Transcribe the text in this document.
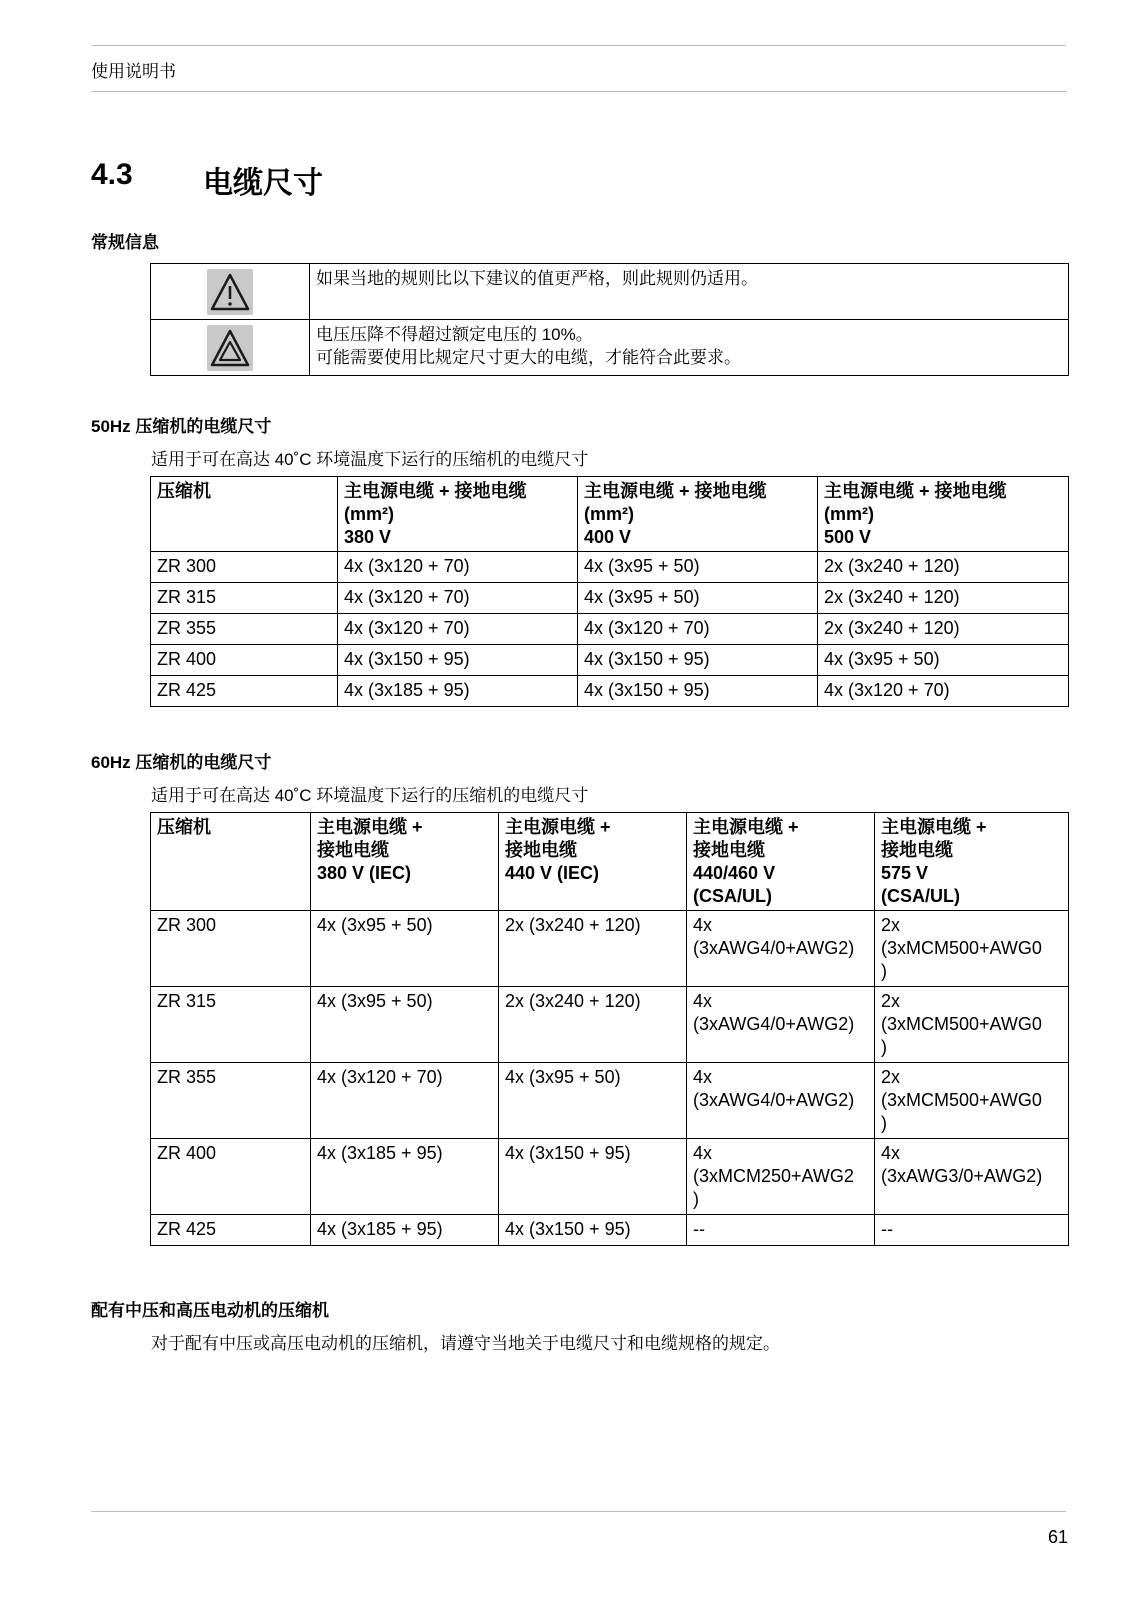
使用说明书
4.3 电缆尺寸
常规信息

如果当地的规则比以下建议的值更严格，则此规则仍适用。

电压压降不得超过额定电压的 10%。
可能需要使用比规定尺寸更大的电缆，才能符合此要求。
50Hz 压缩机的电缆尺寸
适用于可在高达 40˚C 环境温度下运行的压缩机的电缆尺寸
压缩机	主电源电缆 + 接地电缆
(mm²)
380 V	主电源电缆 + 接地电缆
(mm²)
400 V	主电源电缆 + 接地电缆
(mm²)
500 V

ZR 300	4x (3x120 + 70)	4x (3x95 + 50)	2x (3x240 + 120)
ZR 315	4x (3x120 + 70)	4x (3x95 + 50)	2x (3x240 + 120)
ZR 355	4x (3x120 + 70)	4x (3x120 + 70)	2x (3x240 + 120)
ZR 400	4x (3x150 + 95)	4x (3x150 + 95)	4x (3x95 + 50)
ZR 425	4x (3x185 + 95)	4x (3x150 + 95)	4x (3x120 + 70)
60Hz 压缩机的电缆尺寸
适用于可在高达 40˚C 环境温度下运行的压缩机的电缆尺寸
压缩机	主电源电缆 +
接地电缆
380 V (IEC)	主电源电缆 +
接地电缆
440 V (IEC)	主电源电缆 +
接地电缆
440/460 V
(CSA/UL)	主电源电缆 +
接地电缆
575 V
(CSA/UL)

ZR 300	4x (3x95 + 50)	2x (3x240 + 120)	4x
(3xAWG4/0+AWG2)	2x
(3xMCM500+AWG0
)

ZR 315	4x (3x95 + 50)	2x (3x240 + 120)	4x
(3xAWG4/0+AWG2)	2x
(3xMCM500+AWG0
)

ZR 355	4x (3x120 + 70)	4x (3x95 + 50)	4x
(3xAWG4/0+AWG2)	2x
(3xMCM500+AWG0
)

ZR 400	4x (3x185 + 95)	4x (3x150 + 95)	4x
(3xMCM250+AWG2
)	4x
(3xAWG3/0+AWG2)

ZR 425	4x (3x185 + 95)	4x (3x150 + 95)	--	--
配有中压和高压电动机的压缩机
对于配有中压或高压电动机的压缩机，请遵守当地关于电缆尺寸和电缆规格的规定。
61
